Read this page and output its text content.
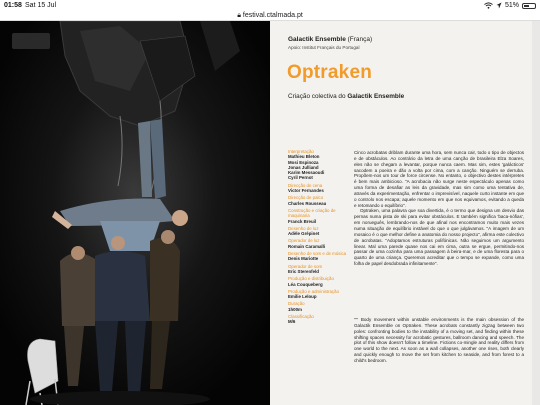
01:58 Sat 15 Jul	51%
🔒︎ festival.ctalmada.pt
Galactik Ensemble (França)
Apoio: Institut Français du Portugal
Optraken
Criação colectiva do Galactik Ensemble
Interpretação
Mathieu Bleton
Mosi Espinoza
Jonas Julliand
Karim Messaoudi
Cyril Pernot
Direcção de cena
Victor Fernandes
Direcção de palco
Charles Rousseau
Construção e criação de maquinaria
Franck Breuil
Desenho de luz
Adèle Grépinet
Operador de luz
Romain Caramalli
Desenho de som e de música
Denis Mariotte
Operador de som
Eric Sterenfeld
Produção e distribuição
Léa Couqueberg
Produção e administração
Emilie Leloup
Duração
1h00m
Classificação
M/6

Cinco acrobatas driblam durante uma hora, sem nunca cair, todo o tipo de objectos e de obstáculos. Ao contrário da letra de uma canção de brasileira Elza Soares, eles não se chegam a levantar, porque nunca caem. Mas sim, estes 'galácticos' sacodem a poeira e dão a volta por cima, com a canção. Ninguém se derruba. Propõem-nos um tour de force circense. No entanto, o objectivo destes intérpretes é bem mais ambicioso. "A acrobacia não surge neste espectáculo apenas como uma forma de desafiar as leis da gravidade, mas sim como uma tentativa de, através da experimentação, enfrentar o imprevisível, naquele curto instante em que o controlo nos escapa; aquele momento em que nos equivamos, evitando a queda e retomando o equilíbrio".

Optraken, uma palavra que soa divertida, é o termo que designa um desvio das pernas numa pista de ski para evitar obstáculos. E também significa 'baca-nófias', em norueguês, lembrando-nos de que afinal nos encontramos muito mais vezes numa situação de equilíbrio instável do que o que julgávamos. "A imagem de um mosaico é o que melhor define a anatomia do nosso projecto", afirma este colectivo de acrobatas. "Adoptamos estruturas polifónicas. Não seguimos um argumento linear. Mal uma parede quase nos cai em cima, outra se ergue, permitindo-nos passar de uma cozinha para uma passagem à beira-mar, e de uma floresta para o quarto de uma criança. Queremos acreditar que o tempo se expande, como uma folha de papel desdobrada infinitamente".

"" Body movement within unstable environments is the main obsession of the Galactik Ensemble on Optraken. These acrobats constantly zigzag between two poles: confronting bodies to the instability of a moving set, and finding within these shifting spaces necessity for acrobatic gestures, ballroom dancing and speech. The plot of this show doesn't follow a timeline. Fictions co-mingle and reality differs from one world to the next. As soon as a wall collapses, another one rises, both clearly and quickly enough to move the set from kitchen to seaside, and from forest to a child's bedroom.
